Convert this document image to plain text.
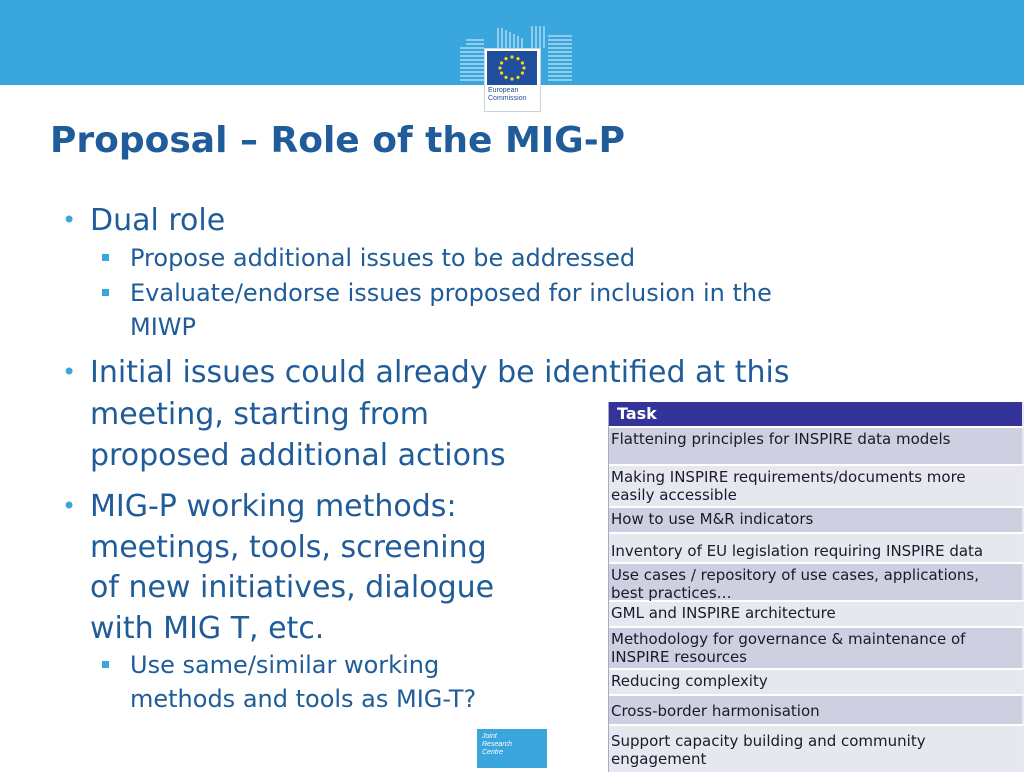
European
Commission
Proposal – Role of the MIG-P
• Dual role
Propose additional issues to be addressed
Evaluate/endorse issues proposed for inclusion in the
MIWP
• Initial issues could already be identified at this
meeting, starting from
proposed additional actions
• MIG-P working methods:
meetings, tools, screening
of new initiatives, dialogue
with MIG T, etc.
Use same/similar working
methods and tools as MIG-T?
Task
Flattening principles for INSPIRE data models
Making INSPIRE requirements/documents more
easily accessible
How to use M&R indicators
Inventory of EU legislation requiring INSPIRE data
Use cases / repository of use cases, applications,
best practices…
GML and INSPIRE architecture
Methodology for governance & maintenance of
INSPIRE resources
Reducing complexity
Cross-border harmonisation
Support capacity building and community
engagement
Joint
Research
Centre
